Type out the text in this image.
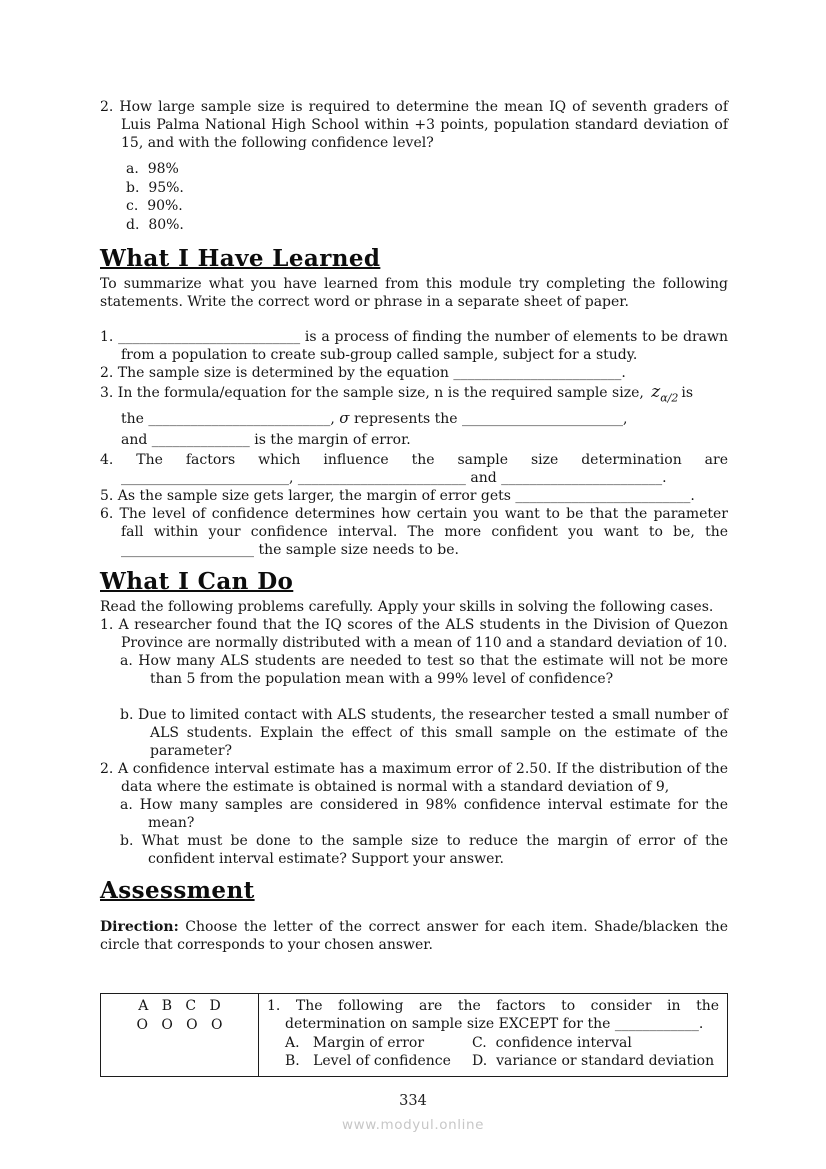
2. How large sample size is required to determine the mean IQ of seventh graders of Luis Palma National High School within +3 points, population standard deviation of 15, and with the following confidence level?
a.  98%
b.  95%.
c.  90%.
d.  80%.
What I Have Learned
To summarize what you have learned from this module try completing the following statements. Write the correct word or phrase in a separate sheet of paper.
1. __________________________ is a process of finding the number of elements to be drawn from a population to create sub-group called sample, subject for a study.
2. The sample size is determined by the equation ________________________.
3. In the formula/equation for the sample size, n is the required sample size, $z_{\alpha/2}$ is
the __________________________, σ represents the _______________________,
and ______________ is the margin of error.
4. The factors which influence the sample size determination are ________________________, ________________________ and _______________________.
5. As the sample size gets larger, the margin of error gets _________________________.
6. The level of confidence determines how certain you want to be that the parameter fall within your confidence interval. The more confident you want to be, the ___________________ the sample size needs to be.
What I Can Do
Read the following problems carefully. Apply your skills in solving the following cases.
1. A researcher found that the IQ scores of the ALS students in the Division of Quezon Province are normally distributed with a mean of 110 and a standard deviation of 10.
a. How many ALS students are needed to test so that the estimate will not be more than 5 from the population mean with a 99% level of confidence?
b. Due to limited contact with ALS students, the researcher tested a small number of ALS students. Explain the effect of this small sample on the estimate of the parameter?
2. A confidence interval estimate has a maximum error of 2.50. If the distribution of the data where the estimate is obtained is normal with a standard deviation of 9,
a. How many samples are considered in 98% confidence interval estimate for the mean?
b. What must be done to the sample size to reduce the margin of error of the confident interval estimate? Support your answer.
Assessment
Direction: Choose the letter of the correct answer for each item. Shade/blacken the circle that corresponds to your chosen answer.
A   B   C   D
O   O   O   O

1. The following are the factors to consider in the determination on sample size EXCEPT for the ____________.
A.   Margin of error	C.  confidence interval
B.   Level of confidence	D.  variance or standard deviation
334
www.modyul.online
